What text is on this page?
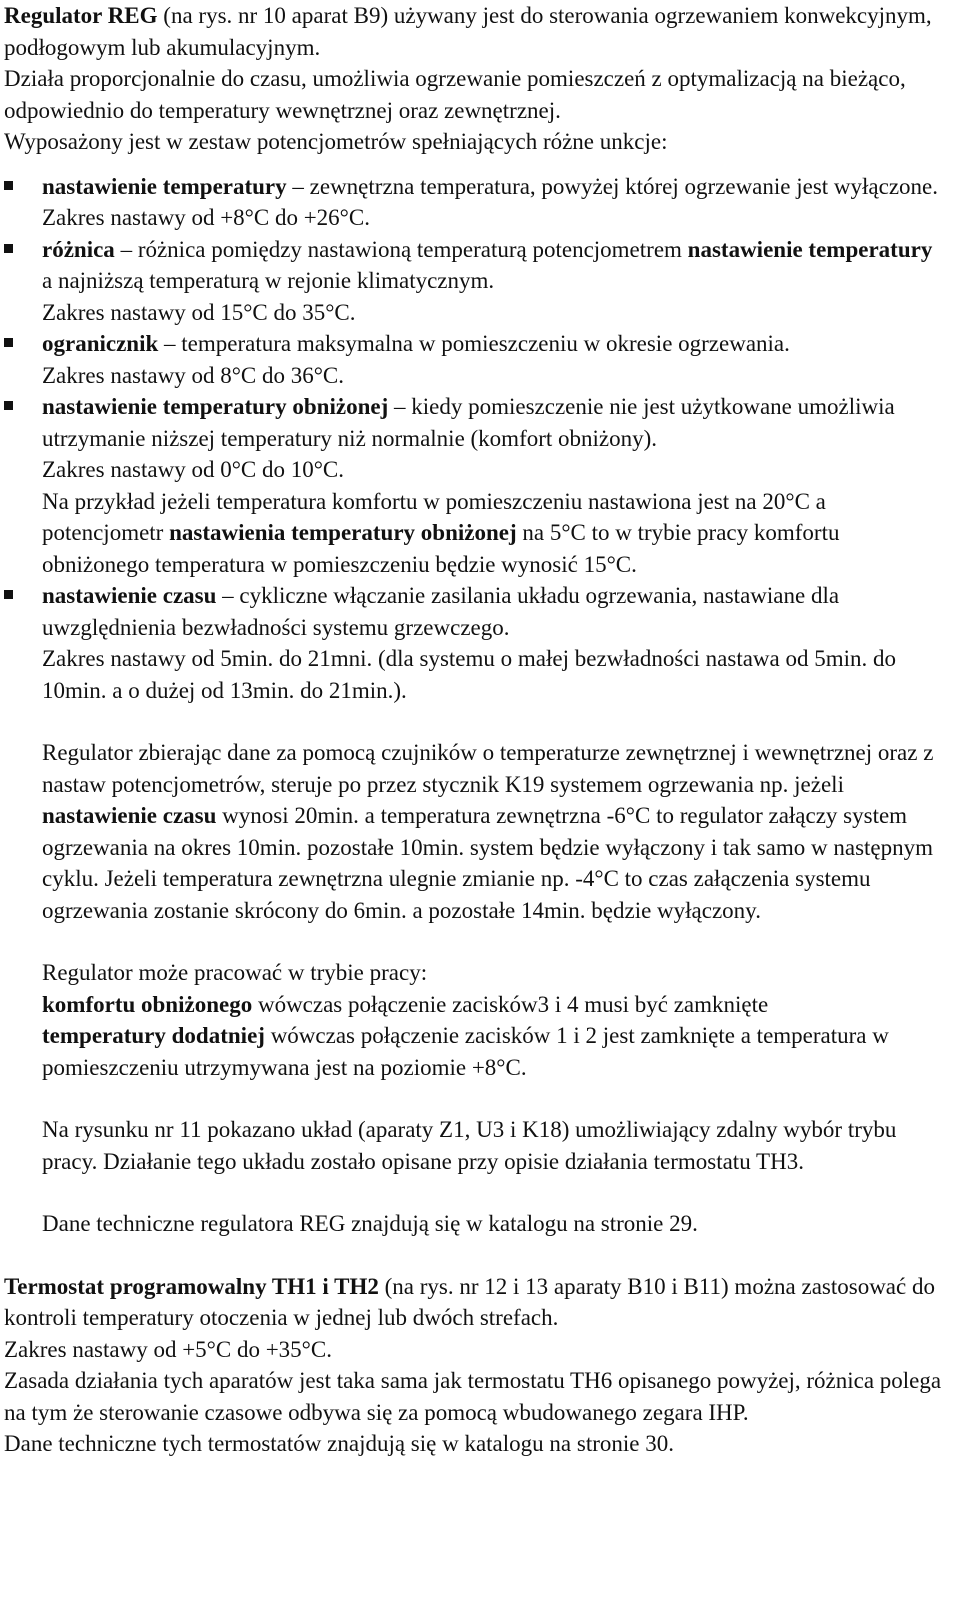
Regulator REG (na rys. nr 10 aparat B9) używany jest do sterowania ogrzewaniem konwekcyjnym, podłogowym lub akumulacyjnym.

Działa proporcjonalnie do czasu, umożliwia ogrzewanie pomieszczeń z optymalizacją na bieżąco, odpowiednio do temperatury wewnętrznej oraz zewnętrznej.

Wyposażony jest w zestaw potencjometrów spełniających różne unkcje:

nastawienie temperatury – zewnętrzna temperatura, powyżej której ogrzewanie jest wyłączone. Zakres nastawy od +8°C do +26°C.
różnica – różnica pomiędzy nastawioną temperaturą potencjometrem nastawienie temperatury a najniższą temperaturą w rejonie klimatycznym.
Zakres nastawy od 15°C do 35°C.
ogranicznik – temperatura maksymalna w pomieszczeniu w okresie ogrzewania.
Zakres nastawy od 8°C do 36°C.
nastawienie temperatury obniżonej – kiedy pomieszczenie nie jest użytkowane umożliwia utrzymanie niższej temperatury niż normalnie (komfort obniżony).
Zakres nastawy od 0°C do 10°C.
Na przykład jeżeli temperatura komfortu w pomieszczeniu nastawiona jest na 20°C a potencjometr nastawienia temperatury obniżonej na 5°C to w trybie pracy komfortu obniżonego temperatura w pomieszczeniu będzie wynosić 15°C.
nastawienie czasu – cykliczne włączanie zasilania układu ogrzewania, nastawiane dla uwzględnienia bezwładności systemu grzewczego.
Zakres nastawy od 5min. do 21mni. (dla systemu o małej bezwładności nastawa od 5min. do 10min. a o dużej od 13min. do 21min.).

Regulator zbierając dane za pomocą czujników o temperaturze zewnętrznej i wewnętrznej oraz z nastaw potencjometrów, steruje po przez stycznik K19 systemem ogrzewania np. jeżeli nastawienie czasu wynosi 20min. a temperatura zewnętrzna -6°C to regulator załączy system ogrzewania na okres 10min. pozostałe 10min. system będzie wyłączony i tak samo w następnym cyklu. Jeżeli temperatura zewnętrzna ulegnie zmianie np. -4°C to czas załączenia systemu ogrzewania zostanie skrócony do 6min. a pozostałe 14min. będzie wyłączony.

Regulator może pracować w trybie pracy:
komfortu obniżonego wówczas połączenie zacisków3 i 4 musi być zamknięte
temperatury dodatniej wówczas połączenie zacisków 1 i 2 jest zamknięte a temperatura w pomieszczeniu utrzymywana jest na poziomie +8°C.

Na rysunku nr 11 pokazano układ (aparaty Z1, U3 i K18) umożliwiający zdalny wybór trybu pracy. Działanie tego układu zostało opisane przy opisie działania termostatu TH3.

Dane techniczne regulatora REG znajdują się w katalogu na stronie 29.

Termostat programowalny TH1 i TH2 (na rys. nr 12 i 13 aparaty B10 i B11) można zastosować do kontroli temperatury otoczenia w jednej lub dwóch strefach.
Zakres nastawy od +5°C do +35°C.
Zasada działania tych aparatów jest taka sama jak termostatu TH6 opisanego powyżej, różnica polega na tym że sterowanie czasowe odbywa się za pomocą wbudowanego zegara IHP.
Dane techniczne tych termostatów znajdują się w katalogu na stronie 30.
